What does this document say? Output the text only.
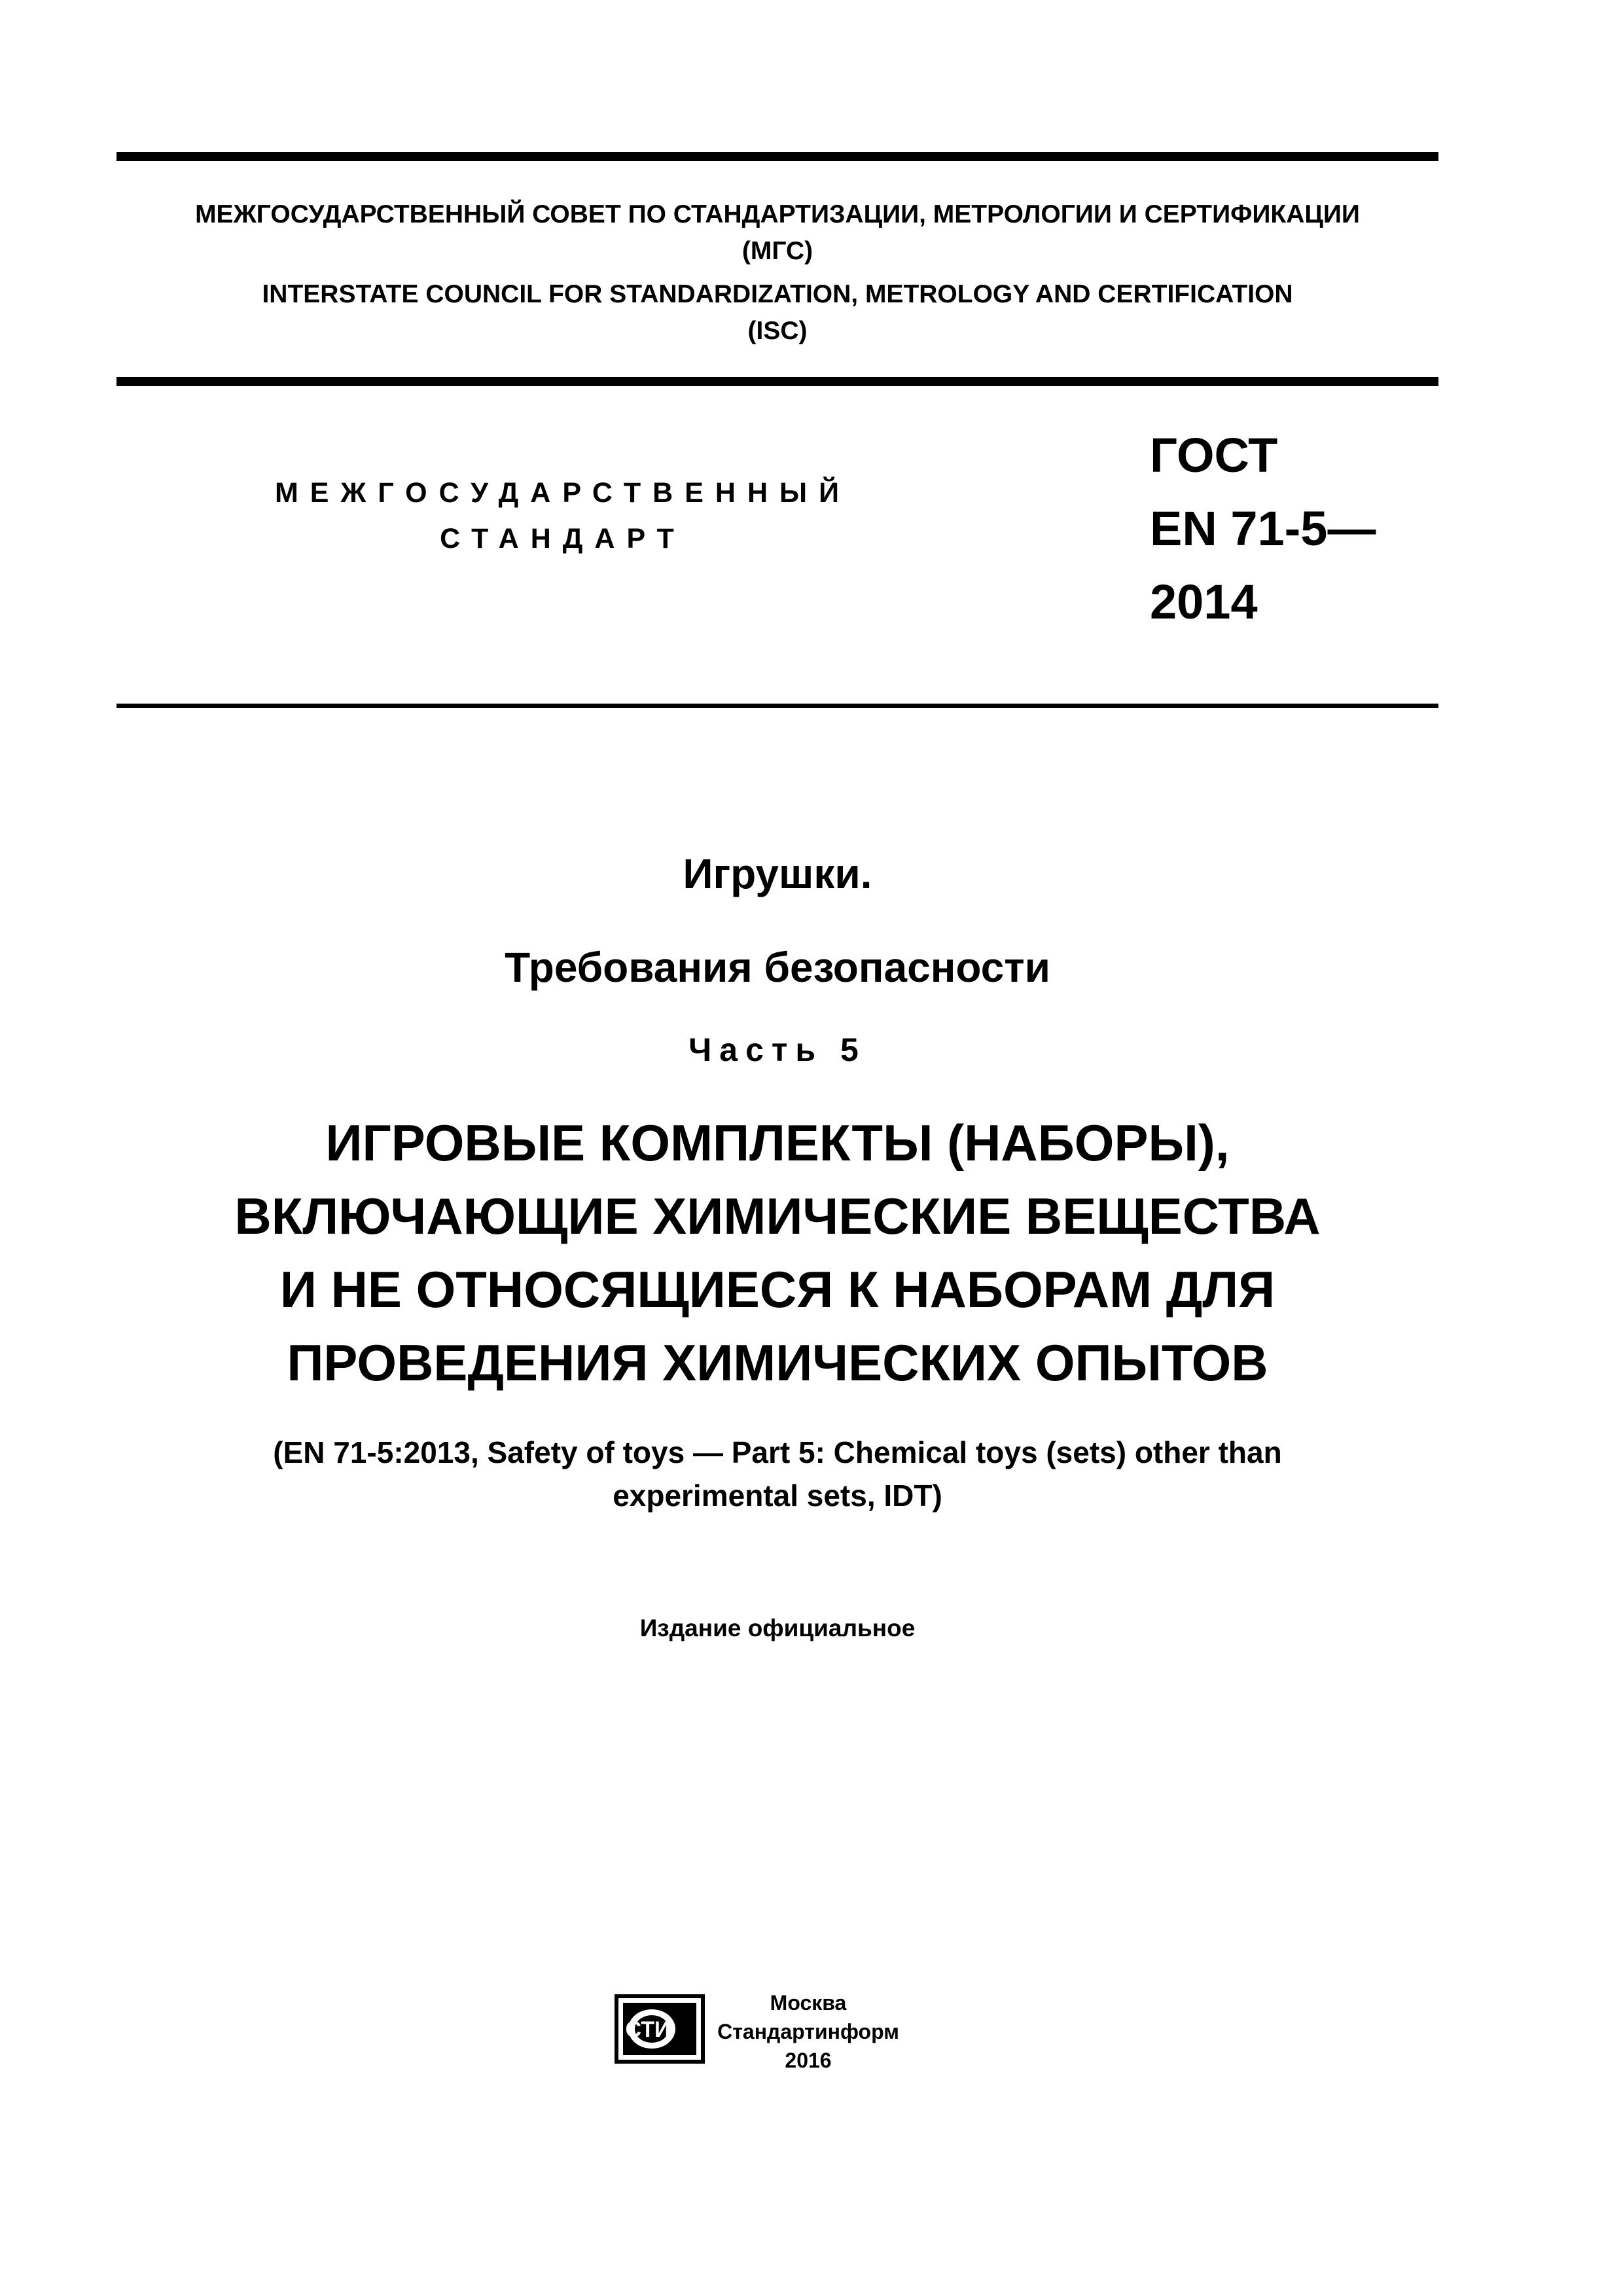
МЕЖГОСУДАРСТВЕННЫЙ СОВЕТ ПО СТАНДАРТИЗАЦИИ, МЕТРОЛОГИИ И СЕРТИФИКАЦИИ
(МГС)
INTERSTATE COUNCIL FOR STANDARDIZATION, METROLOGY AND CERTIFICATION
(ISC)
МЕЖГОСУДАРСТВЕННЫЙ
СТАНДАРТ
ГОСТ
EN 71-5—
2014
Игрушки.
Требования безопасности
Часть 5
ИГРОВЫЕ КОМПЛЕКТЫ (НАБОРЫ),
ВКЛЮЧАЮЩИЕ ХИМИЧЕСКИЕ ВЕЩЕСТВА
И НЕ ОТНОСЯЩИЕСЯ К НАБОРАМ ДЛЯ
ПРОВЕДЕНИЯ ХИМИЧЕСКИХ ОПЫТОВ
(EN 71-5:2013, Safety of toys — Part 5: Chemical toys (sets) other than
experimental sets, IDT)
Издание официальное
СТИ
Москва
Стандартинформ
2016
